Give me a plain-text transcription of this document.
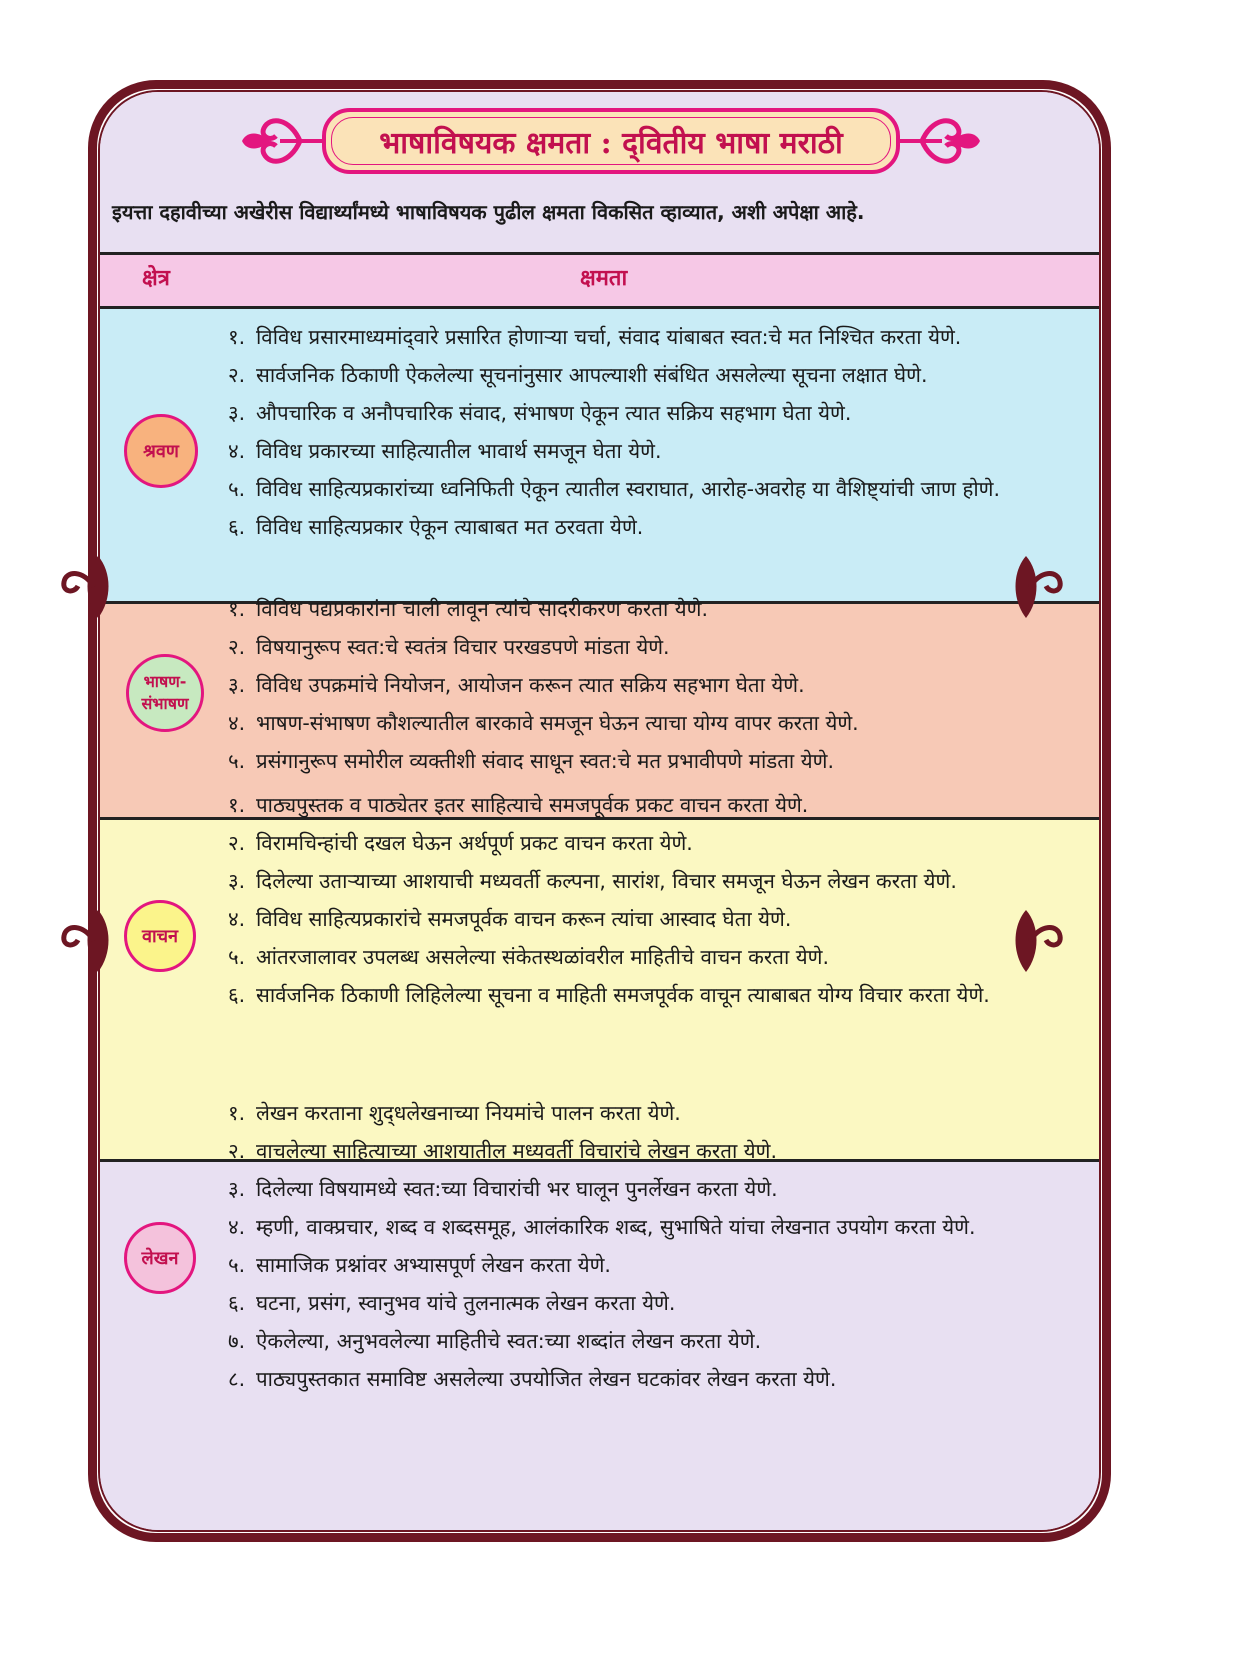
भाषाविषयक क्षमता : द्‌वितीय भाषा मराठी
इयत्ता दहावीच्या अखेरीस विद्यार्थ्यांमध्ये भाषाविषयक पुढील क्षमता विकसित व्हाव्यात, अशी अपेक्षा आहे.
क्षेत्र	क्षमता
श्रवण
भाषण-
संभाषण
वाचन
लेखन
१. विविध प्रसारमाध्यमांद्‌वारे प्रसारित होणाऱ्या चर्चा, संवाद यांबाबत स्वत:चे मत निश्चित करता येणे.
२. सार्वजनिक ठिकाणी ऐकलेल्या सूचनांनुसार आपल्याशी संबंधित असलेल्या सूचना लक्षात घेणे.
३. औपचारिक व अनौपचारिक संवाद, संभाषण ऐकून त्यात सक्रिय सहभाग घेता येणे.
४. विविध प्रकारच्या साहित्यातील भावार्थ समजून घेता येणे.
५. विविध साहित्यप्रकारांच्या ध्वनिफिती ऐकून त्यातील स्वराघात, आरोह-अवरोह या वैशिष्ट्यांची जाण होणे.
६. विविध साहित्यप्रकार ऐकून त्याबाबत मत ठरवता येणे.
१. विविध पद्यप्रकारांना चाली लावून त्यांचे सादरीकरण करता येणे.
२. विषयानुरूप स्वत:चे स्वतंत्र विचार परखडपणे मांडता येणे.
३. विविध उपक्रमांचे नियोजन, आयोजन करून त्यात सक्रिय सहभाग घेता येणे.
४. भाषण-संभाषण कौशल्यातील बारकावे समजून घेऊन त्याचा योग्य वापर करता येणे.
५. प्रसंगानुरूप समोरील व्यक्तीशी संवाद साधून स्वत:चे मत प्रभावीपणे मांडता येणे.
१. पाठ्यपुस्तक व पाठ्येतर इतर साहित्याचे समजपूर्वक प्रकट वाचन करता येणे.
२. विरामचिन्हांची दखल घेऊन अर्थपूर्ण प्रकट वाचन करता येणे.
३. दिलेल्या उताऱ्याच्या आशयाची मध्यवर्ती कल्पना, सारांश, विचार समजून घेऊन लेखन करता येणे.
४. विविध साहित्यप्रकारांचे समजपूर्वक वाचन करून त्यांचा आस्वाद घेता येणे.
५. आंतरजालावर उपलब्ध असलेल्या संकेतस्थळांवरील माहितीचे वाचन करता येणे.
६. सार्वजनिक ठिकाणी लिहिलेल्या सूचना व माहिती समजपूर्वक वाचून त्याबाबत योग्य विचार करता येणे.
१. लेखन करताना शुद्‌धलेखनाच्या नियमांचे पालन करता येणे.
२. वाचलेल्या साहित्याच्या आशयातील मध्यवर्ती विचारांचे लेखन करता येणे.
३. दिलेल्या विषयामध्ये स्वत:च्या विचारांची भर घालून पुनर्लेखन करता येणे.
४. म्हणी, वाक्प्रचार, शब्द व शब्दसमूह, आलंकारिक शब्द, सुभाषिते यांचा लेखनात उपयोग करता येणे.
५. सामाजिक प्रश्नांवर अभ्यासपूर्ण लेखन करता येणे.
६. घटना, प्रसंग, स्वानुभव यांचे तुलनात्मक लेखन करता येणे.
७. ऐकलेल्या, अनुभवलेल्या माहितीचे स्वत:च्या शब्दांत लेखन करता येणे.
८. पाठ्यपुस्तकात समाविष्ट असलेल्या उपयोजित लेखन घटकांवर लेखन करता येणे.
